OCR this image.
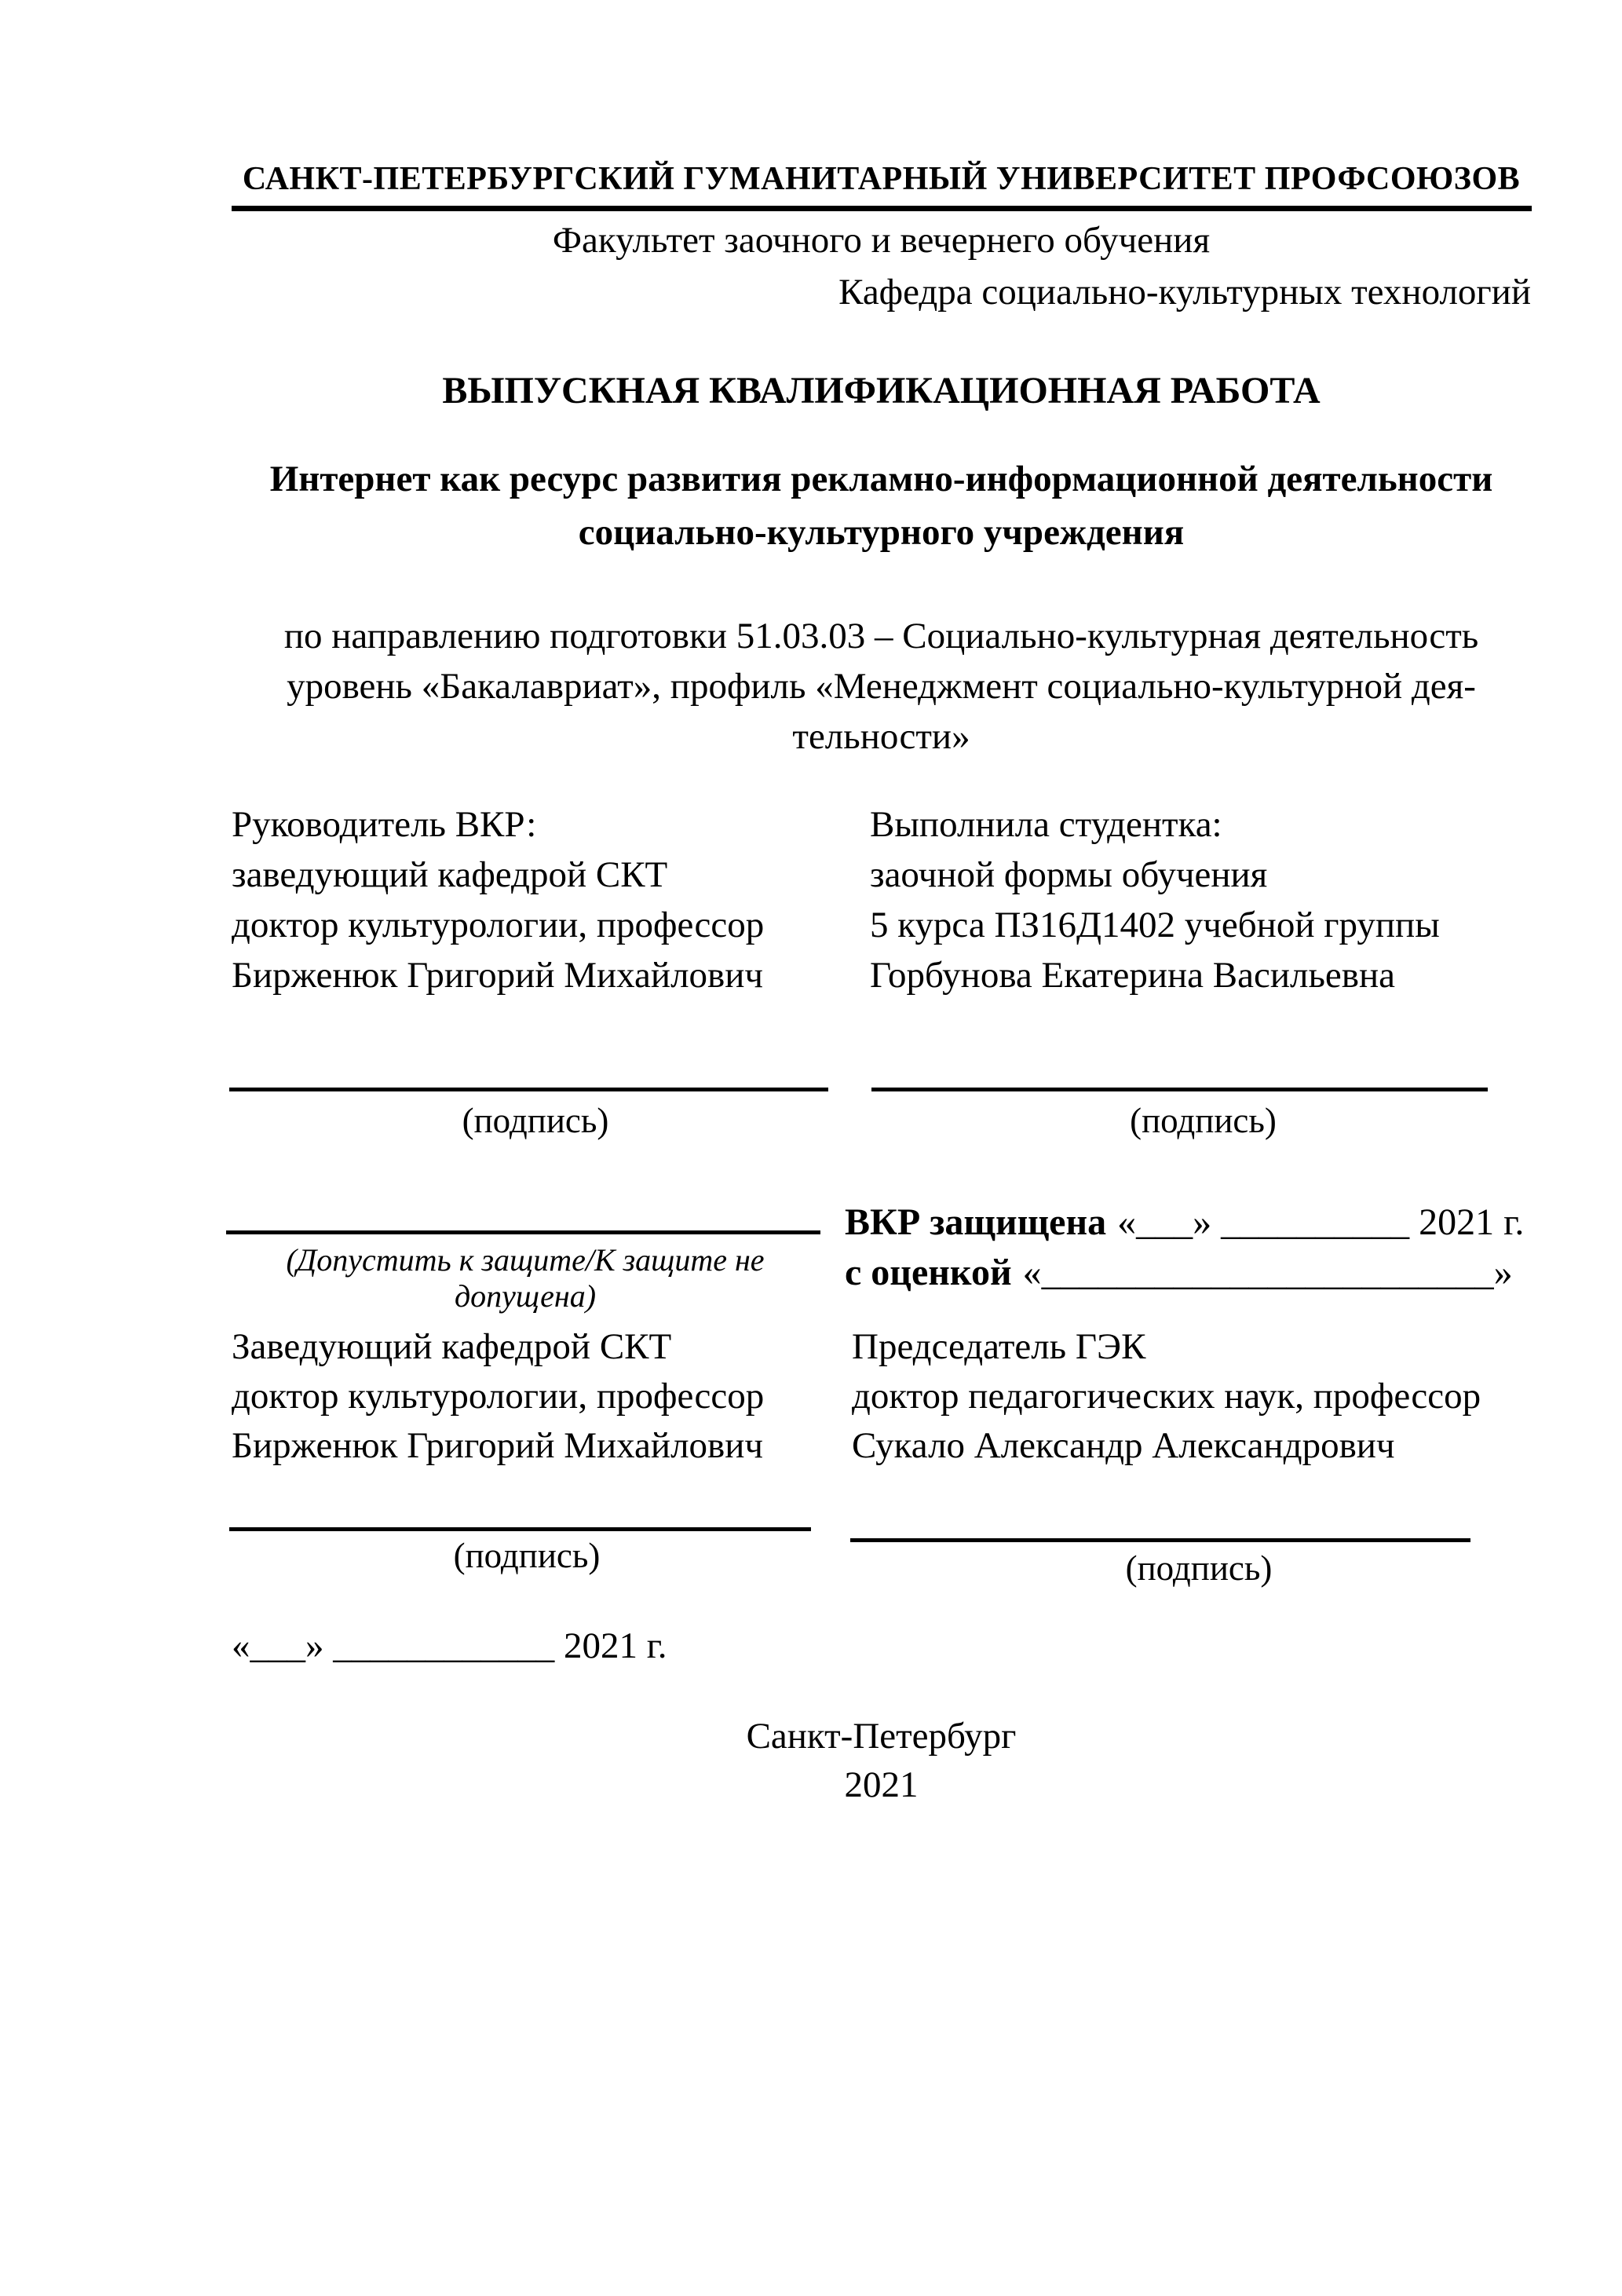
САНКТ-ПЕТЕРБУРГСКИЙ ГУМАНИТАРНЫЙ УНИВЕРСИТЕТ ПРОФСОЮЗОВ
Факультет заочного и вечернего обучения
Кафедра социально-культурных технологий
ВЫПУСКНАЯ КВАЛИФИКАЦИОННАЯ РАБОТА
Интернет как ресурс развития рекламно-информационной деятельности
социально-культурного учреждения
по направлению подготовки 51.03.03 – Социально-культурная деятельность
уровень «Бакалавриат», профиль «Менеджмент социально-культурной дея-
тельности»
Руководитель ВКР:
заведующий кафедрой СКТ
доктор культурологии, профессор
Бирженюк Григорий Михайлович
Выполнила студентка:
заочной формы обучения
5 курса ПЗ16Д1402 учебной группы
Горбунова Екатерина Васильевна
(подпись)	(подпись)
(Допустить к защите/К защите не допущена)
ВКР защищена «___» __________ 2021 г.
с оценкой «________________________»
Заведующий кафедрой СКТ
доктор культурологии, профессор
Бирженюк Григорий Михайлович
Председатель ГЭК
доктор педагогических наук, профессор
Сукало Александр Александрович
(подпись)	(подпись)
«___» ____________ 2021 г.
Санкт-Петербург
2021
